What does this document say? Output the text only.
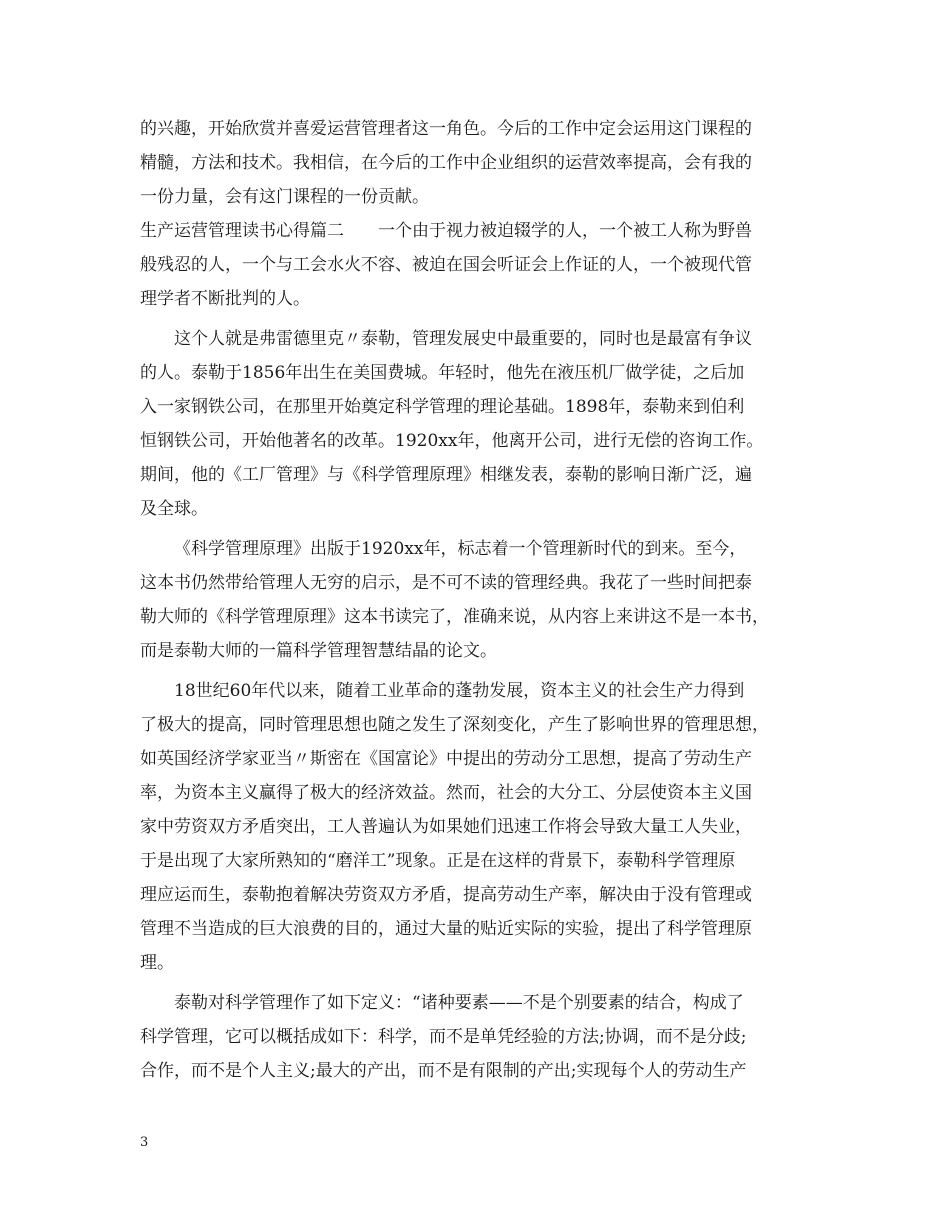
的兴趣，开始欣赏并喜爱运营管理者这一角色。今后的工作中定会运用这门课程的
精髓，方法和技术。我相信，在今后的工作中企业组织的运营效率提高，会有我的
一份力量，会有这门课程的一份贡献。
生产运营管理读书心得篇二　　一个由于视力被迫辍学的人，一个被工人称为野兽
般残忍的人，一个与工会水火不容、被迫在国会听证会上作证的人，一个被现代管
理学者不断批判的人。
这个人就是弗雷德里克〃泰勒，管理发展史中最重要的，同时也是最富有争议
的人。泰勒于1856年出生在美国费城。年轻时，他先在液压机厂做学徒，之后加
入一家钢铁公司，在那里开始奠定科学管理的理论基础。1898年，泰勒来到伯利
恒钢铁公司，开始他著名的改革。1920xx年，他离开公司，进行无偿的咨询工作。
期间，他的《工厂管理》与《科学管理原理》相继发表，泰勒的影响日渐广泛，遍
及全球。
《科学管理原理》出版于1920xx年，标志着一个管理新时代的到来。至今，
这本书仍然带给管理人无穷的启示，是不可不读的管理经典。我花了一些时间把泰
勒大师的《科学管理原理》这本书读完了，准确来说，从内容上来讲这不是一本书，
而是泰勒大师的一篇科学管理智慧结晶的论文。
18世纪60年代以来，随着工业革命的蓬勃发展，资本主义的社会生产力得到
了极大的提高，同时管理思想也随之发生了深刻变化，产生了影响世界的管理思想，
如英国经济学家亚当〃斯密在《国富论》中提出的劳动分工思想，提高了劳动生产
率，为资本主义赢得了极大的经济效益。然而，社会的大分工、分层使资本主义国
家中劳资双方矛盾突出，工人普遍认为如果她们迅速工作将会导致大量工人失业，
于是出现了大家所熟知的“磨洋工”现象。正是在这样的背景下，泰勒科学管理原
理应运而生，泰勒抱着解决劳资双方矛盾，提高劳动生产率，解决由于没有管理或
管理不当造成的巨大浪费的目的，通过大量的贴近实际的实验，提出了科学管理原
理。
泰勒对科学管理作了如下定义：“诸种要素——不是个别要素的结合，构成了
科学管理，它可以概括成如下：科学，而不是单凭经验的方法;协调，而不是分歧;
合作，而不是个人主义;最大的产出，而不是有限制的产出;实现每个人的劳动生产
3
